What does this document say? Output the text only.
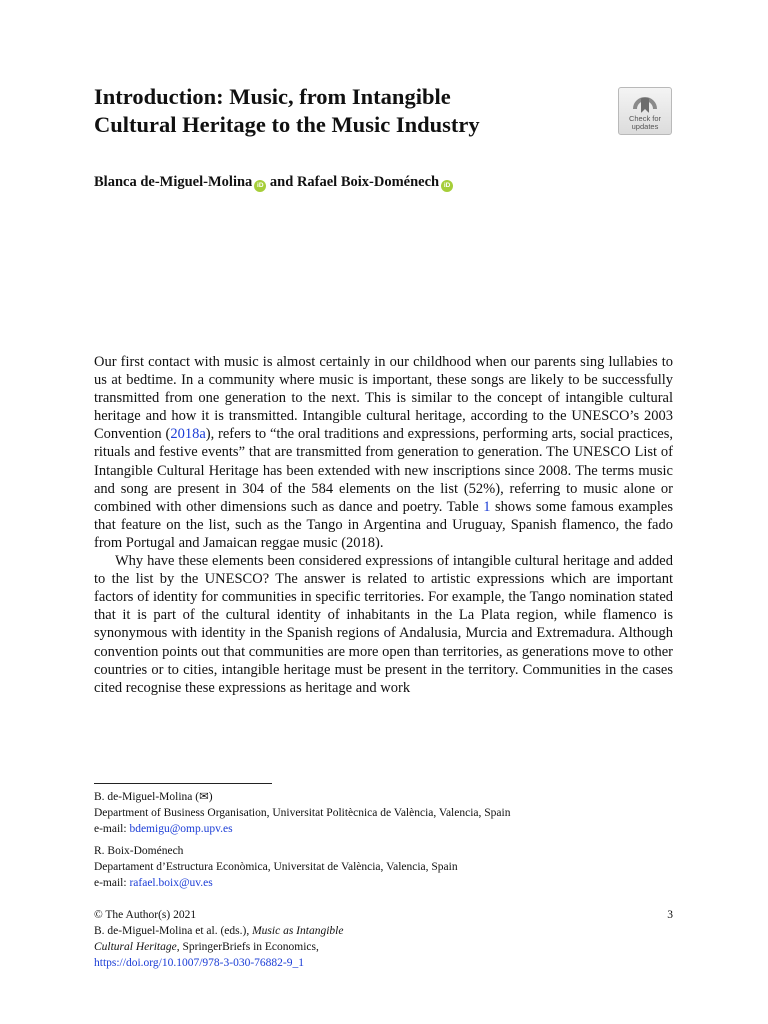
Introduction: Music, from Intangible
Cultural Heritage to the Music Industry	Check for
updates
Blanca de-Miguel-Molina iD and Rafael Boix-Doménech iD

Our first contact with music is almost certainly in our childhood when our parents sing lullabies to us at bedtime. In a community where music is important, these songs are likely to be successfully transmitted from one generation to the next. This is similar to the concept of intangible cultural heritage and how it is transmitted. Intangible cultural heritage, according to the UNESCO’s 2003 Convention (2018a), refers to “the oral traditions and expressions, performing arts, social practices, rituals and festive events” that are transmitted from generation to generation. The UNESCO List of Intangible Cultural Heritage has been extended with new inscriptions since 2008. The terms music and song are present in 304 of the 584 elements on the list (52%), referring to music alone or combined with other dimensions such as dance and poetry. Table 1 shows some famous examples that feature on the list, such as the Tango in Argentina and Uruguay, Spanish flamenco, the fado from Portugal and Jamaican reggae music (2018).

Why have these elements been considered expressions of intangible cultural heritage and added to the list by the UNESCO? The answer is related to artistic expressions which are important factors of identity for communities in specific territories. For example, the Tango nomination stated that it is part of the cultural identity of inhabitants in the La Plata region, while flamenco is synonymous with identity in the Spanish regions of Andalusia, Murcia and Extremadura. Although convention points out that communities are more open than territories, as generations move to other countries or to cities, intangible heritage must be present in the territory. Communities in the cases cited recognise these expressions as heritage and work

B. de-Miguel-Molina (✉)
Department of Business Organisation, Universitat Politècnica de València, Valencia, Spain
e-mail: bdemigu@omp.upv.es
R. Boix-Doménech
Departament d’Estructura Econòmica, Universitat de València, Valencia, Spain
e-mail: rafael.boix@uv.es
© The Author(s) 2021	3
B. de-Miguel-Molina et al. (eds.), Music as Intangible
Cultural Heritage, SpringerBriefs in Economics,
https://doi.org/10.1007/978-3-030-76882-9_1
